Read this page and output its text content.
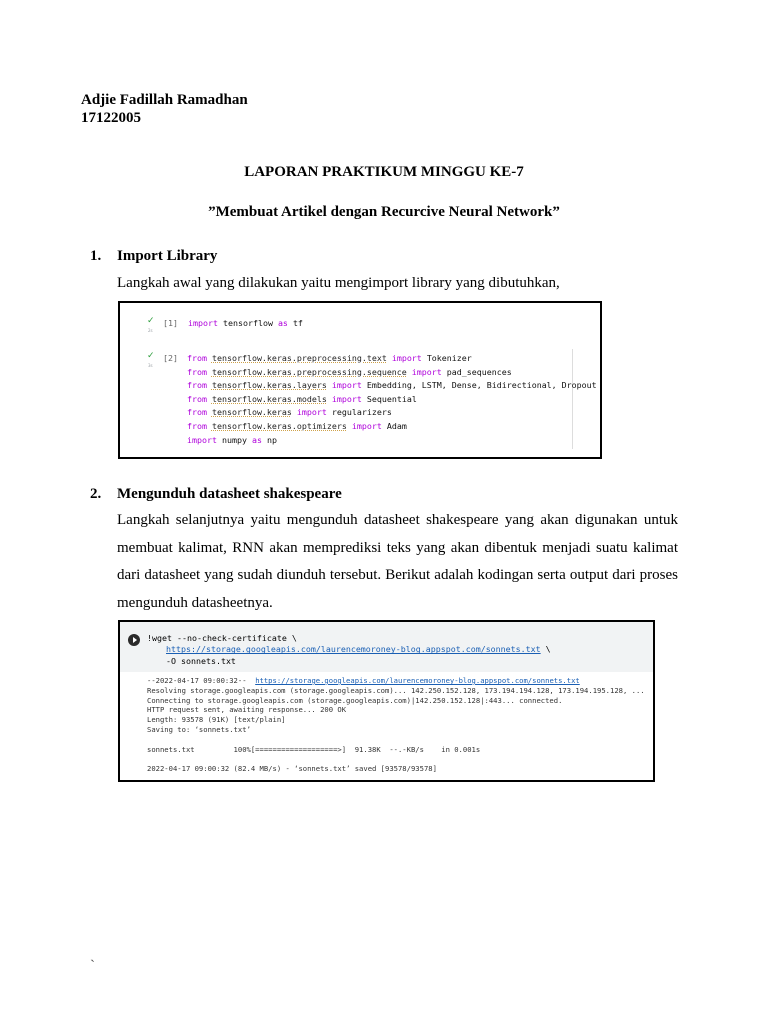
Adjie Fadillah Ramadhan
17122005
LAPORAN PRAKTIKUM MINGGU KE-7
”Membuat Artikel dengan Recurcive Neural Network”
1. Import Library
Langkah awal yang dilakukan yaitu mengimport library yang dibutuhkan,
✓
2s
[1] import tensorflow as tf
✓
3s
[2] from tensorflow.keras.preprocessing.text import Tokenizer
from tensorflow.keras.preprocessing.sequence import pad_sequences
from tensorflow.keras.layers import Embedding, LSTM, Dense, Bidirectional, Dropout
from tensorflow.keras.models import Sequential
from tensorflow.keras import regularizers
from tensorflow.keras.optimizers import Adam
import numpy as np
2. Mengunduh datasheet shakespeare
Langkah selanjutnya yaitu mengunduh datasheet shakespeare yang akan digunakan untuk
membuat kalimat, RNN akan memprediksi teks yang akan dibentuk menjadi suatu kalimat
dari datasheet yang sudah diunduh tersebut. Berikut adalah kodingan serta output dari proses
mengunduh datasheetnya.
!wget --no-check-certificate \
https://storage.googleapis.com/laurencemoroney-blog.appspot.com/sonnets.txt \
-O sonnets.txt
--2022-04-17 09:00:32--  https://storage.googleapis.com/laurencemoroney-blog.appspot.com/sonnets.txt
Resolving storage.googleapis.com (storage.googleapis.com)... 142.250.152.128, 173.194.194.128, 173.194.195.128, ...
Connecting to storage.googleapis.com (storage.googleapis.com)|142.250.152.128|:443... connected.
HTTP request sent, awaiting response... 200 OK
Length: 93578 (91K) [text/plain]
Saving to: ‘sonnets.txt’
sonnets.txt         100%[===================>]  91.38K  --.-KB/s    in 0.001s
2022-04-17 09:00:32 (82.4 MB/s) - ‘sonnets.txt’ saved [93578/93578]
`
